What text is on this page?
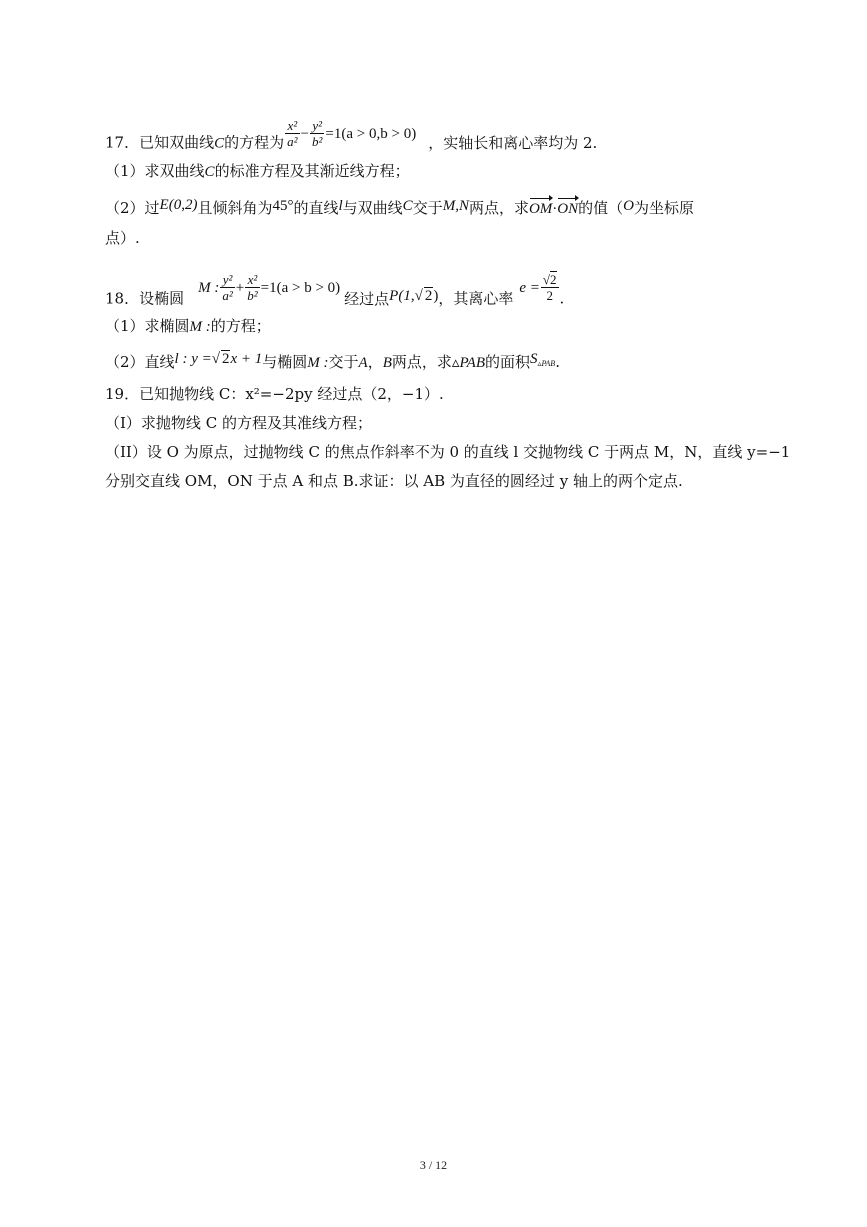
17．已知双曲线C的方程为 $\frac{\text{x²}}{\text{a²}} - \frac{\text{y²}}{\text{b²}} =1(a > 0,b > 0)$ ，实轴长和离心率均为 2.
（1）求双曲线C的标准方程及其渐近线方程；
（2）过E(0,2)且倾斜角为45°的直线l与双曲线C交于M,N两点，求OM·ON的值（O为坐标原
点）.
18．设椭圆M : $\frac{\text{y²}}{\text{a²}} + \frac{\text{x²}}{\text{b²}} =1(a > b > 0)$经过点P(1,√ 2)，其离心率$e = \frac{√2}{2}$ .
（1）求椭圆M :的方程；
（2）直线l : y =√ 2x + 1与椭圆M :交于A，B两点，求▵PAB的面积$S_{▵PAB}$.
19．已知抛物线 C：x²=−2py 经过点（2，−1）.
（I）求抛物线 C 的方程及其准线方程；
（II）设 O 为原点，过抛物线 C 的焦点作斜率不为 0 的直线 l 交抛物线 C 于两点 M，N，直线 y=−1
分别交直线 OM，ON 于点 A 和点 B.求证：以 AB 为直径的圆经过 y 轴上的两个定点.
3 / 12
